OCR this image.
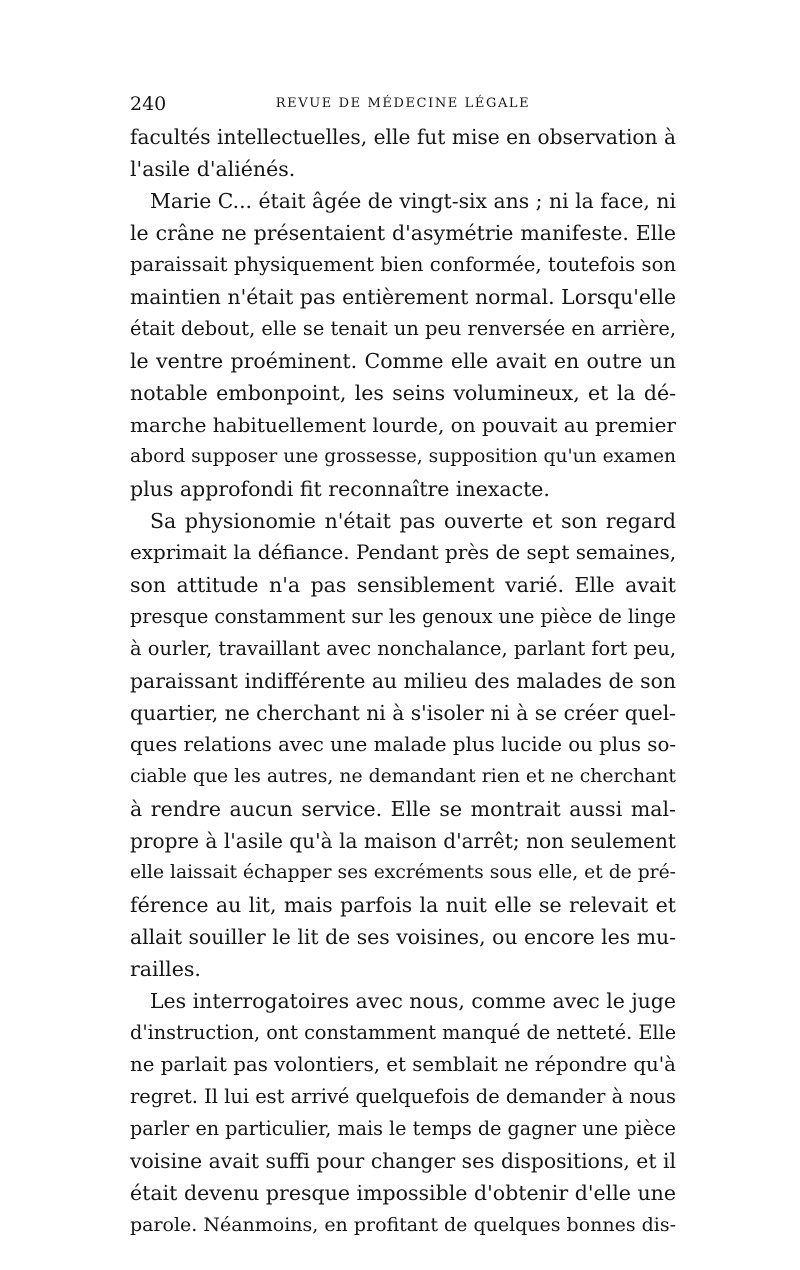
240	REVUE DE MÉDECINE LÉGALE
facultés intellectuelles, elle fut mise en observation à
l'asile d'aliénés.
Marie C... était âgée de vingt-six ans ; ni la face, ni
le crâne ne présentaient d'asymétrie manifeste. Elle
paraissait physiquement bien conformée, toutefois son
maintien n'était pas entièrement normal. Lorsqu'elle
était debout, elle se tenait un peu renversée en arrière,
le ventre proéminent. Comme elle avait en outre un
notable embonpoint, les seins volumineux, et la dé-
marche habituellement lourde, on pouvait au premier
abord supposer une grossesse, supposition qu'un examen
plus approfondi fit reconnaître inexacte.
Sa physionomie n'était pas ouverte et son regard
exprimait la défiance. Pendant près de sept semaines,
son attitude n'a pas sensiblement varié. Elle avait
presque constamment sur les genoux une pièce de linge
à ourler, travaillant avec nonchalance, parlant fort peu,
paraissant indifférente au milieu des malades de son
quartier, ne cherchant ni à s'isoler ni à se créer quel-
ques relations avec une malade plus lucide ou plus so-
ciable que les autres, ne demandant rien et ne cherchant
à rendre aucun service. Elle se montrait aussi mal-
propre à l'asile qu'à la maison d'arrêt; non seulement
elle laissait échapper ses excréments sous elle, et de pré-
férence au lit, mais parfois la nuit elle se relevait et
allait souiller le lit de ses voisines, ou encore les mu-
railles.
Les interrogatoires avec nous, comme avec le juge
d'instruction, ont constamment manqué de netteté. Elle
ne parlait pas volontiers, et semblait ne répondre qu'à
regret. Il lui est arrivé quelquefois de demander à nous
parler en particulier, mais le temps de gagner une pièce
voisine avait suffi pour changer ses dispositions, et il
était devenu presque impossible d'obtenir d'elle une
parole. Néanmoins, en profitant de quelques bonnes dis-
